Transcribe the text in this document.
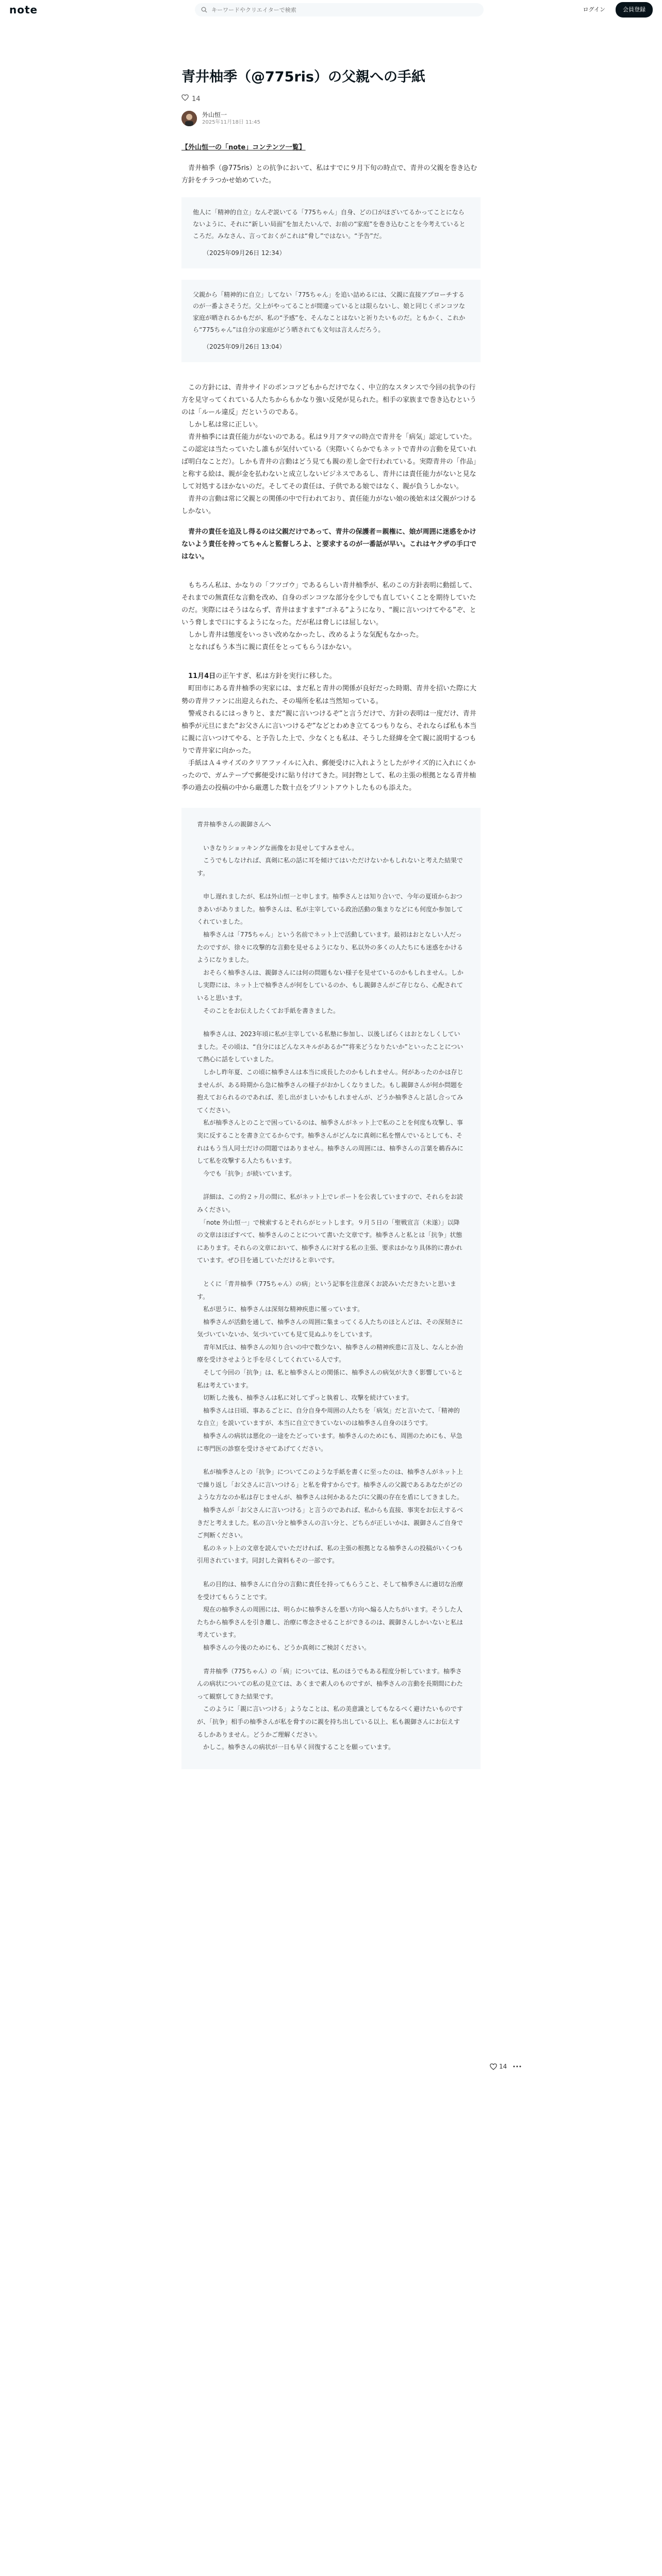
note
キーワードやクリエイターで検索	ログイン	会員登録
青井柚季（@775ris）の父親への手紙
14
外山恒一
2025年11月18日 11:45

【外山恒一の「note」コンテンツ一覧】

　青井柚季（@775ris）との抗争において、私はすでに９月下旬の時点で、青井の父親を巻き込む方針をチラつかせ始めていた。

他人に「精神的自立」なんぞ説いてる「775ちゃん」自身、どの口がほざいてるかってことにならないように、それに“新しい局面”を加えたいんで、お前の“家庭”を巻き込むことを今考えているところだ。みなさん、言っておくがこれは“脅し”ではない。“予告”だ。

（2025年09月26日 12:34）

父親から「精神的に自立」してない「775ちゃん」を追い詰めるには、父親に直接アプローチするのが一番よさそうだ。父上がやってることが間違っているとは限らないし、娘と同じくポンコツな家庭が晒されるかもだが、私の“予感”を、そんなことはないと祈りたいものだ。ともかく、これから“775ちゃん”は自分の家庭がどう晒されても文句は言えんだろう。

（2025年09月26日 13:04）

　この方針には、青井サイドのポンコツどもからだけでなく、中立的なスタンスで今回の抗争の行方を見守ってくれている人たちからもかなり強い反発が見られた。相手の家族まで巻き込むというのは「ルール違反」だというのである。
　しかし私は常に正しい。
　青井柚季には責任能力がないのである。私は９月アタマの時点で青井を「病気」認定していた。この認定は当たっていたし誰もが気付いている（実際いくらかでもネットで青井の言動を見ていれば明白なことだ）。しかも青井の言動はどう見ても親の差し金で行われている。実際青井の「作品」と称する絵は、親が金を払わないと成立しないビジネスであるし、青井には責任能力がないと見なして対処するほかないのだ。そしてその責任は、子供である娘ではなく、親が負うしかない。
　青井の言動は常に父親との関係の中で行われており、責任能力がない娘の後始末は父親がつけるしかない。

　青井の責任を追及し得るのは父親だけであって、青井の保護者＝親権に、娘が周囲に迷惑をかけないよう責任を持ってちゃんと監督しろよ、と要求するのが一番話が早い。これはヤクザの手口ではない。

　もちろん私は、かなりの「フツゴウ」であるらしい青井柚季が、私のこの方針表明に動揺して、それまでの無責任な言動を改め、自身のポンコツな部分を少しでも直していくことを期待していたのだ。実際にはそうはならず、青井はますます“ゴネる”ようになり、“親に言いつけてやる”ぞ、という脅しまで口にするようになった。だが私は脅しには屈しない。
　しかし青井は態度をいっさい改めなかったし、改めるような気配もなかった。
　となればもう本当に親に責任をとってもらうほかない。

　11月4日の正午すぎ、私は方針を実行に移した。
　町田市にある青井柚季の実家には、まだ私と青井の関係が良好だった時期、青井を招いた際に大勢の青井ファンに出迎えられた、その場所を私は当然知っている。
　警戒されるにはっきりと、まだ“親に言いつけるぞ”と言うだけで、方針の表明は一度だけ、青井柚季が元旦にまた“お父さんに言いつけるぞ”などとわめき立てるつもりなら、それならば私も本当に親に言いつけてやる、と予告した上で、少なくとも私は、そうした経緯を全て親に説明するつもりで青井家に向かった。
　手紙はＡ４サイズのクリアファイルに入れ、郵便受けに入れようとしたがサイズ的に入れにくかったので、ガムテープで郵便受けに貼り付けてきた。同封物として、私の主張の根拠となる青井柚季の過去の投稿の中から厳選した数十点をプリントアウトしたものも添えた。

青井柚季さんの親御さんへ

　いきなりショッキングな画像をお見せしてすみません。

　こうでもしなければ、真剣に私の話に耳を傾けてはいただけないかもしれないと考えた結果です。

　申し遅れましたが、私は外山恒一と申します。柚季さんとは知り合いで、今年の夏頃からおつきあいがありました。柚季さんは、私が主宰している政治活動の集まりなどにも何度か参加してくれていました。

　柚季さんは「775ちゃん」という名前でネット上で活動しています。最初はおとなしい人だったのですが、徐々に攻撃的な言動を見せるようになり、私以外の多くの人たちにも迷惑をかけるようになりました。

　おそらく柚季さんは、親御さんには何の問題もない様子を見せているのかもしれません。しかし実際には、ネット上で柚季さんが何をしているのか、もし親御さんがご存じなら、心配されていると思います。

　そのことをお伝えしたくてお手紙を書きました。

　柚季さんは、2023年頃に私が主宰している私塾に参加し、以後しばらくはおとなしくしていました。その頃は、“自分にはどんなスキルがあるか”“将来どうなりたいか”といったことについて熱心に話をしていました。

　しかし昨年夏、この頃に柚季さんは本当に成長したのかもしれません。何があったのかは存じませんが、ある時期から急に柚季さんの様子がおかしくなりました。もし親御さんが何か問題を抱えておられるのであれば、差し出がましいかもしれませんが、どうか柚季さんと話し合ってみてください。

　私が柚季さんとのことで困っているのは、柚季さんがネット上で私のことを何度も攻撃し、事実に反することを書き立てるからです。柚季さんがどんなに真剣に私を憎んでいるとしても、それはもう当人同士だけの問題ではありません。柚季さんの周囲には、柚季さんの言葉を鵜呑みにして私を攻撃する人たちもいます。

　今でも「抗争」が続いています。

　詳細は、この約２ヶ月の間に、私がネット上でレポートを公表していますので、それらをお読みください。

　「note 外山恒一」で検索するとそれらがヒットします。９月５日の「聖戦宣言（未遂）」以降の文章はほぼすべて、柚季さんのことについて書いた文章です。柚季さんと私とは「抗争」状態にあります。それらの文章において、柚季さんに対する私の主張、要求はかなり具体的に書かれています。ぜひ目を通していただけると幸いです。

　とくに「青井柚季（775ちゃん）の病」という記事を注意深くお読みいただきたいと思います。

　私が思うに、柚季さんは深刻な精神疾患に罹っています。

　柚季さんが活動を通して、柚季さんの周囲に集まってくる人たちのほとんどは、その深刻さに気づいていないか、気づいていても見て見ぬふりをしています。

　青年Ｍ氏は、柚季さんの知り合いの中で数少ない、柚季さんの精神疾患に言及し、なんとか治療を受けさせようと手を尽くしてくれている人です。

　そして今回の「抗争」は、私と柚季さんとの関係に、柚季さんの病気が大きく影響していると私は考えています。

　切断した後も、柚季さんは私に対してずっと執着し、攻撃を続けています。

　柚季さんは日頃、事あるごとに、自分自身や周囲の人たちを「病気」だと言いたて、「精神的な自立」を説いていますが、本当に自立できていないのは柚季さん自身のほうです。

　柚季さんの病状は悪化の一途をたどっています。柚季さんのためにも、周囲のためにも、早急に専門医の診察を受けさせてあげてください。

　私が柚季さんとの「抗争」についてこのような手紙を書くに至ったのは、柚季さんがネット上で繰り返し「お父さんに言いつける」と私を脅すからです。柚季さんの父親であるあなたがどのような方なのか私は存じませんが、柚季さんは何かあるたびに父親の存在を盾にしてきました。

　柚季さんが「お父さんに言いつける」と言うのであれば、私からも直接、事実をお伝えするべきだと考えました。私の言い分と柚季さんの言い分と、どちらが正しいかは、親御さんご自身でご判断ください。

　私のネット上の文章を読んでいただければ、私の主張の根拠となる柚季さんの投稿がいくつも引用されています。同封した資料もその一部です。

　私の目的は、柚季さんに自分の言動に責任を持ってもらうこと、そして柚季さんに適切な治療を受けてもらうことです。

　現在の柚季さんの周囲には、明らかに柚季さんを悪い方向へ煽る人たちがいます。そうした人たちから柚季さんを引き離し、治療に専念させることができるのは、親御さんしかいないと私は考えています。

　柚季さんの今後のためにも、どうか真剣にご検討ください。

　青井柚季（775ちゃん）の「病」については、私のほうでもある程度分析しています。柚季さんの病状についての私の見立ては、あくまで素人のものですが、柚季さんの言動を長期間にわたって観察してきた結果です。

　このように「親に言いつける」ようなことは、私の美意識としてもなるべく避けたいものですが、「抗争」相手の柚季さんが私を脅すのに親を持ち出している以上、私も親御さんにお伝えするしかありません。どうかご理解ください。

　かしこ。柚季さんの病状が一日も早く回復することを願っています。

14
